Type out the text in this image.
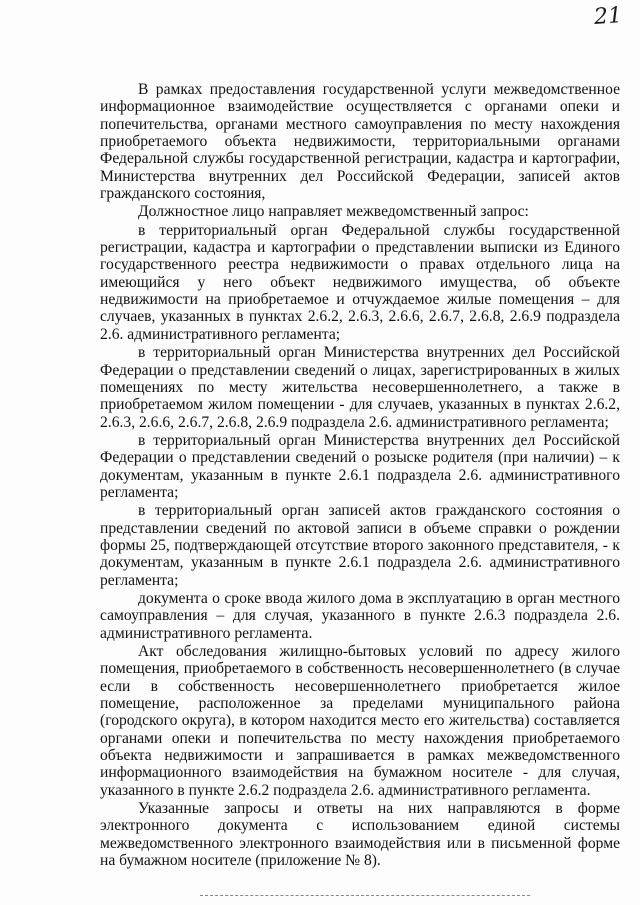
21

В рамках предоставления государственной услуги межведомственное информационное взаимодействие осуществляется с органами опеки и попечительства, органами местного самоуправления по месту нахождения приобретаемого объекта недвижимости, территориальными органами Федеральной службы государственной регистрации, кадастра и картографии, Министерства внутренних дел Российской Федерации, записей актов гражданского состояния,

Должностное лицо направляет межведомственный запрос:

в территориальный орган Федеральной службы государственной регистрации, кадастра и картографии о представлении выписки из Единого государственного реестра недвижимости о правах отдельного лица на имеющийся у него объект недвижимого имущества, об объекте недвижимости на приобретаемое и отчуждаемое жилые помещения – для случаев, указанных в пунктах 2.6.2, 2.6.3, 2.6.6, 2.6.7, 2.6.8, 2.6.9 подраздела 2.6. административного регламента;

в территориальный орган Министерства внутренних дел Российской Федерации о представлении сведений о лицах, зарегистрированных в жилых помещениях по месту жительства несовершеннолетнего, а также в приобретаемом жилом помещении - для случаев, указанных в пунктах 2.6.2, 2.6.3, 2.6.6, 2.6.7, 2.6.8, 2.6.9 подраздела 2.6. административного регламента;

в территориальный орган Министерства внутренних дел Российской Федерации о представлении сведений о розыске родителя (при наличии) – к документам, указанным в пункте 2.6.1 подраздела 2.6. административного регламента;

в территориальный орган записей актов гражданского состояния о представлении сведений по актовой записи в объеме справки о рождении формы 25, подтверждающей отсутствие второго законного представителя, - к документам, указанным в пункте 2.6.1 подраздела 2.6. административного регламента;

документа о сроке ввода жилого дома в эксплуатацию в орган местного самоуправления – для случая, указанного в пункте 2.6.3 подраздела 2.6. административного регламента.

Акт обследования жилищно-бытовых условий по адресу жилого помещения, приобретаемого в собственность несовершеннолетнего (в случае если в собственность несовершеннолетнего приобретается жилое помещение, расположенное за пределами муниципального района (городского округа), в котором находится место его жительства) составляется органами опеки и попечительства по месту нахождения приобретаемого объекта недвижимости и запрашивается в рамках межведомственного информационного взаимодействия на бумажном носителе - для случая, указанного в пункте 2.6.2 подраздела 2.6. административного регламента.

Указанные запросы и ответы на них направляются в форме электронного документа с использованием единой системы межведомственного электронного взаимодействия или в письменной форме на бумажном носителе (приложение № 8).
